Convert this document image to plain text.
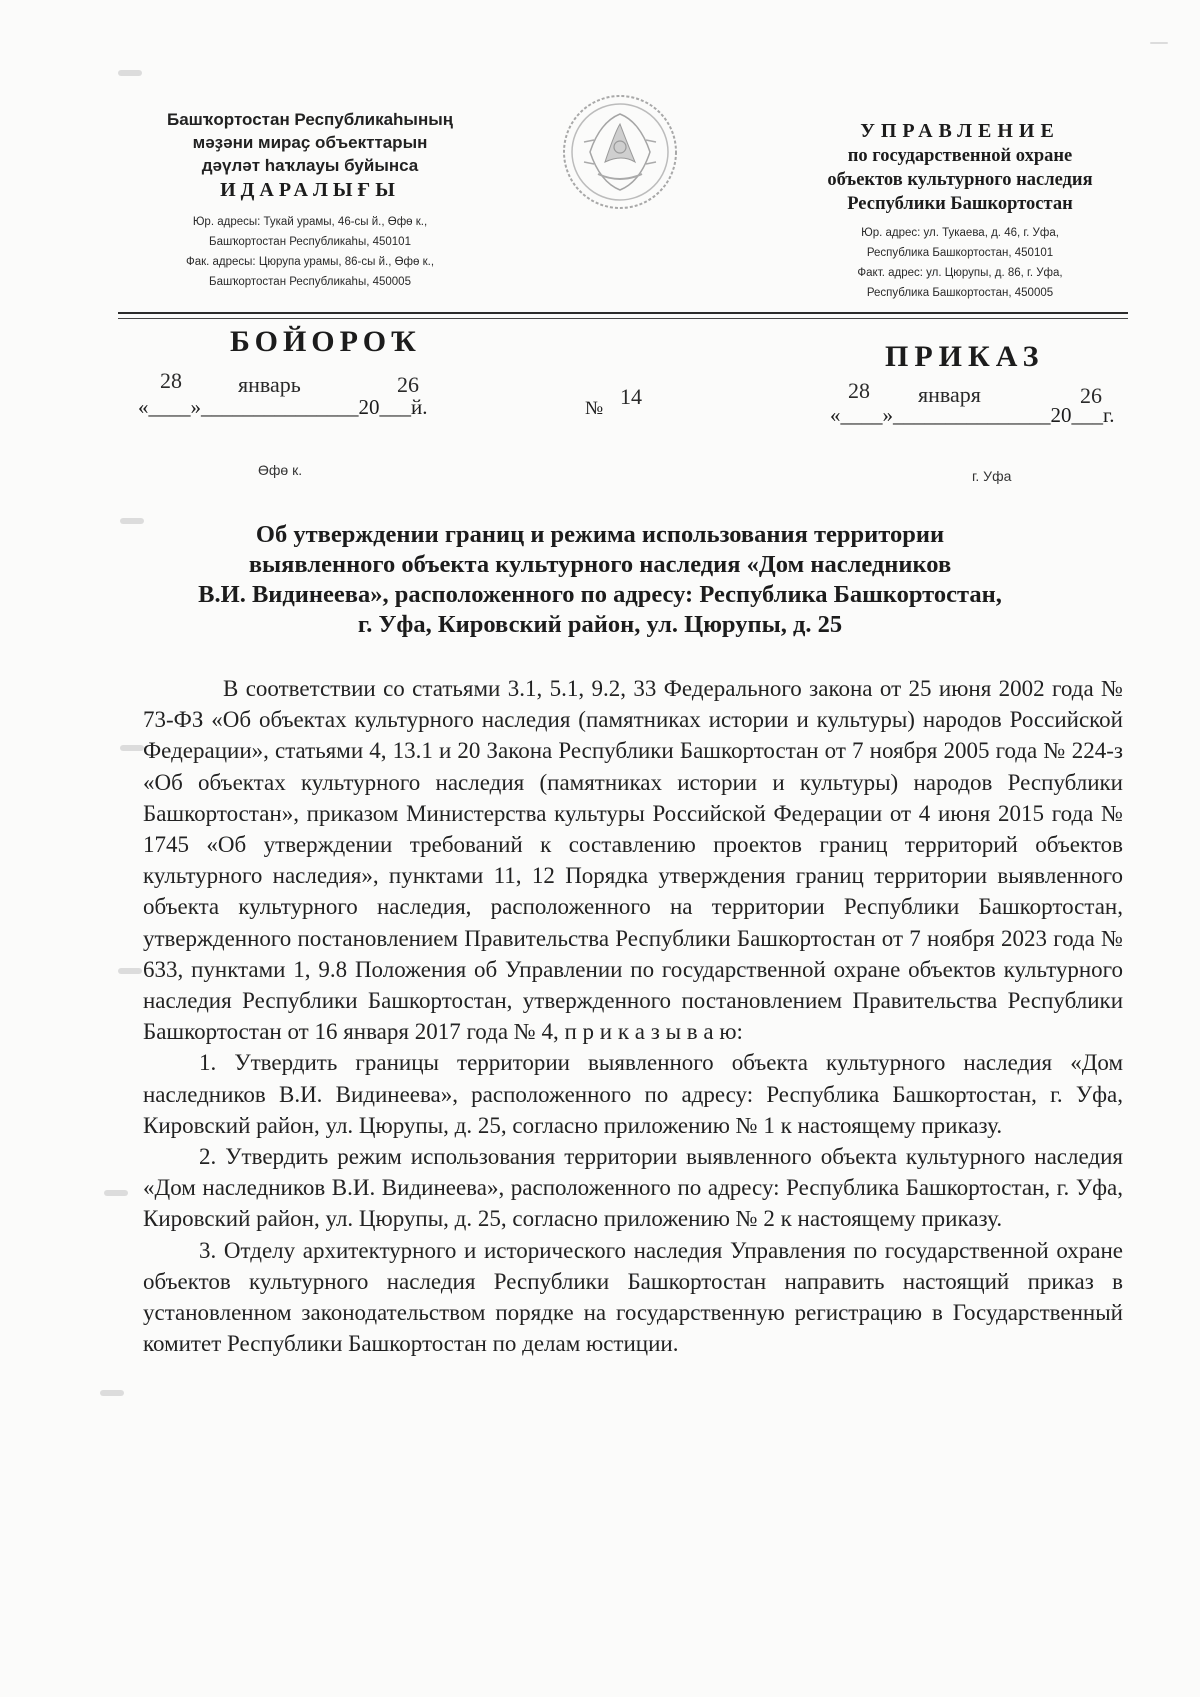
Башҡортостан Республикаһының
мәҙәни мираҫ объекттарын
дәүләт һаҡлауы буйынса
ИДАРАЛЫҒЫ
Юр. адресы: Тукай урамы, 46-сы й., Өфө к.,
Башҡортостан Республикаһы, 450101
Фак. адресы: Цюрупа урамы, 86-сы й., Өфө к.,
Башҡортостан Республикаһы, 450005
УПРАВЛЕНИЕ
по государственной охране
объектов культурного наследия
Республики Башкортостан
Юр. адрес: ул. Тукаева, д. 46, г. Уфа,
Республика Башкортостан, 450101
Факт. адрес: ул. Цюрупы, д. 86, г. Уфа,
Республика Башкортостан, 450005
БОЙОРОҠ	ПРИКАЗ
«____»_______________20___й.
28	январь	26
№ 14
«____»_______________20___г.
28 января	26
Өфө к.	г. Уфа
Об утверждении границ и режима использования территории
выявленного объекта культурного наследия «Дом наследников
В.И. Видинеева», расположенного по адресу: Республика Башкортостан,
г. Уфа, Кировский район, ул. Цюрупы, д. 25

В соответствии со статьями 3.1, 5.1, 9.2, 33 Федерального закона от 25 июня 2002 года № 73-ФЗ «Об объектах культурного наследия (памятниках истории и культуры) народов Российской Федерации», статьями 4, 13.1 и 20 Закона Республики Башкортостан от 7 ноября 2005 года № 224-з «Об объектах культурного наследия (памятниках истории и культуры) народов Республики Башкортостан», приказом Министерства культуры Российской Федерации от 4 июня 2015 года № 1745 «Об утверждении требований к составлению проектов границ территорий объектов культурного наследия», пунктами 11, 12 Порядка утверждения границ территории выявленного объекта культурного наследия, расположенного на территории Республики Башкортостан, утвержденного постановлением Правительства Республики Башкортостан от 7 ноября 2023 года № 633, пунктами 1, 9.8 Положения об Управлении по государственной охране объектов культурного наследия Республики Башкортостан, утвержденного постановлением Правительства Республики Башкортостан от 16 января 2017 года № 4, п р и к а з ы в а ю:

1. Утвердить границы территории выявленного объекта культурного наследия «Дом наследников В.И. Видинеева», расположенного по адресу: Республика Башкортостан, г. Уфа, Кировский район, ул. Цюрупы, д. 25, согласно приложению № 1 к настоящему приказу.

2. Утвердить режим использования территории выявленного объекта культурного наследия «Дом наследников В.И. Видинеева», расположенного по адресу: Республика Башкортостан, г. Уфа, Кировский район, ул. Цюрупы, д. 25, согласно приложению № 2 к настоящему приказу.

3. Отделу архитектурного и исторического наследия Управления по государственной охране объектов культурного наследия Республики Башкортостан направить настоящий приказ в установленном законодательством порядке на государственную регистрацию в Государственный комитет Республики Башкортостан по делам юстиции.
